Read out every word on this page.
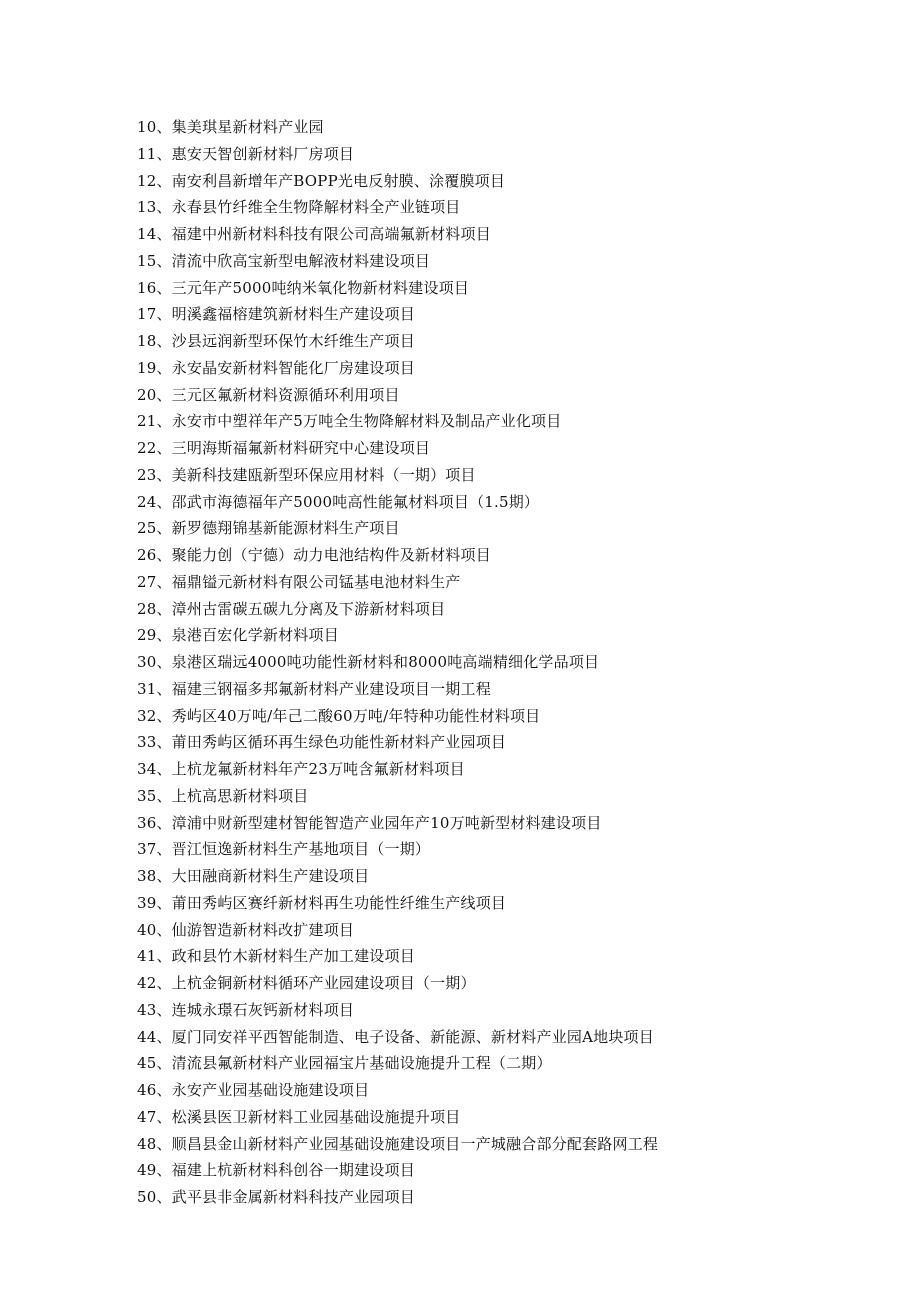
10、集美琪星新材料产业园
11、惠安天智创新材料厂房项目
12、南安利昌新增年产BOPP光电反射膜、涂覆膜项目
13、永春县竹纤维全生物降解材料全产业链项目
14、福建中州新材料科技有限公司高端氟新材料项目
15、清流中欣高宝新型电解液材料建设项目
16、三元年产5000吨纳米氧化物新材料建设项目
17、明溪鑫福榕建筑新材料生产建设项目
18、沙县远润新型环保竹木纤维生产项目
19、永安晶安新材料智能化厂房建设项目
20、三元区氟新材料资源循环利用项目
21、永安市中塑祥年产5万吨全生物降解材料及制品产业化项目
22、三明海斯福氟新材料研究中心建设项目
23、美新科技建瓯新型环保应用材料（一期）项目
24、邵武市海德福年产5000吨高性能氟材料项目（1.5期）
25、新罗德翔锦基新能源材料生产项目
26、聚能力创（宁德）动力电池结构件及新材料项目
27、福鼎镒元新材料有限公司锰基电池材料生产
28、漳州古雷碳五碳九分离及下游新材料项目
29、泉港百宏化学新材料项目
30、泉港区瑞远4000吨功能性新材料和8000吨高端精细化学品项目
31、福建三钢福多邦氟新材料产业建设项目一期工程
32、秀屿区40万吨/年己二酸60万吨/年特种功能性材料项目
33、莆田秀屿区循环再生绿色功能性新材料产业园项目
34、上杭龙氟新材料年产23万吨含氟新材料项目
35、上杭高思新材料项目
36、漳浦中财新型建材智能智造产业园年产10万吨新型材料建设项目
37、晋江恒逸新材料生产基地项目（一期）
38、大田融商新材料生产建设项目
39、莆田秀屿区赛纤新材料再生功能性纤维生产线项目
40、仙游智造新材料改扩建项目
41、政和县竹木新材料生产加工建设项目
42、上杭金铜新材料循环产业园建设项目（一期）
43、连城永璟石灰钙新材料项目
44、厦门同安祥平西智能制造、电子设备、新能源、新材料产业园A地块项目
45、清流县氟新材料产业园福宝片基础设施提升工程（二期）
46、永安产业园基础设施建设项目
47、松溪县医卫新材料工业园基础设施提升项目
48、顺昌县金山新材料产业园基础设施建设项目一产城融合部分配套路网工程
49、福建上杭新材料科创谷一期建设项目
50、武平县非金属新材料科技产业园项目
